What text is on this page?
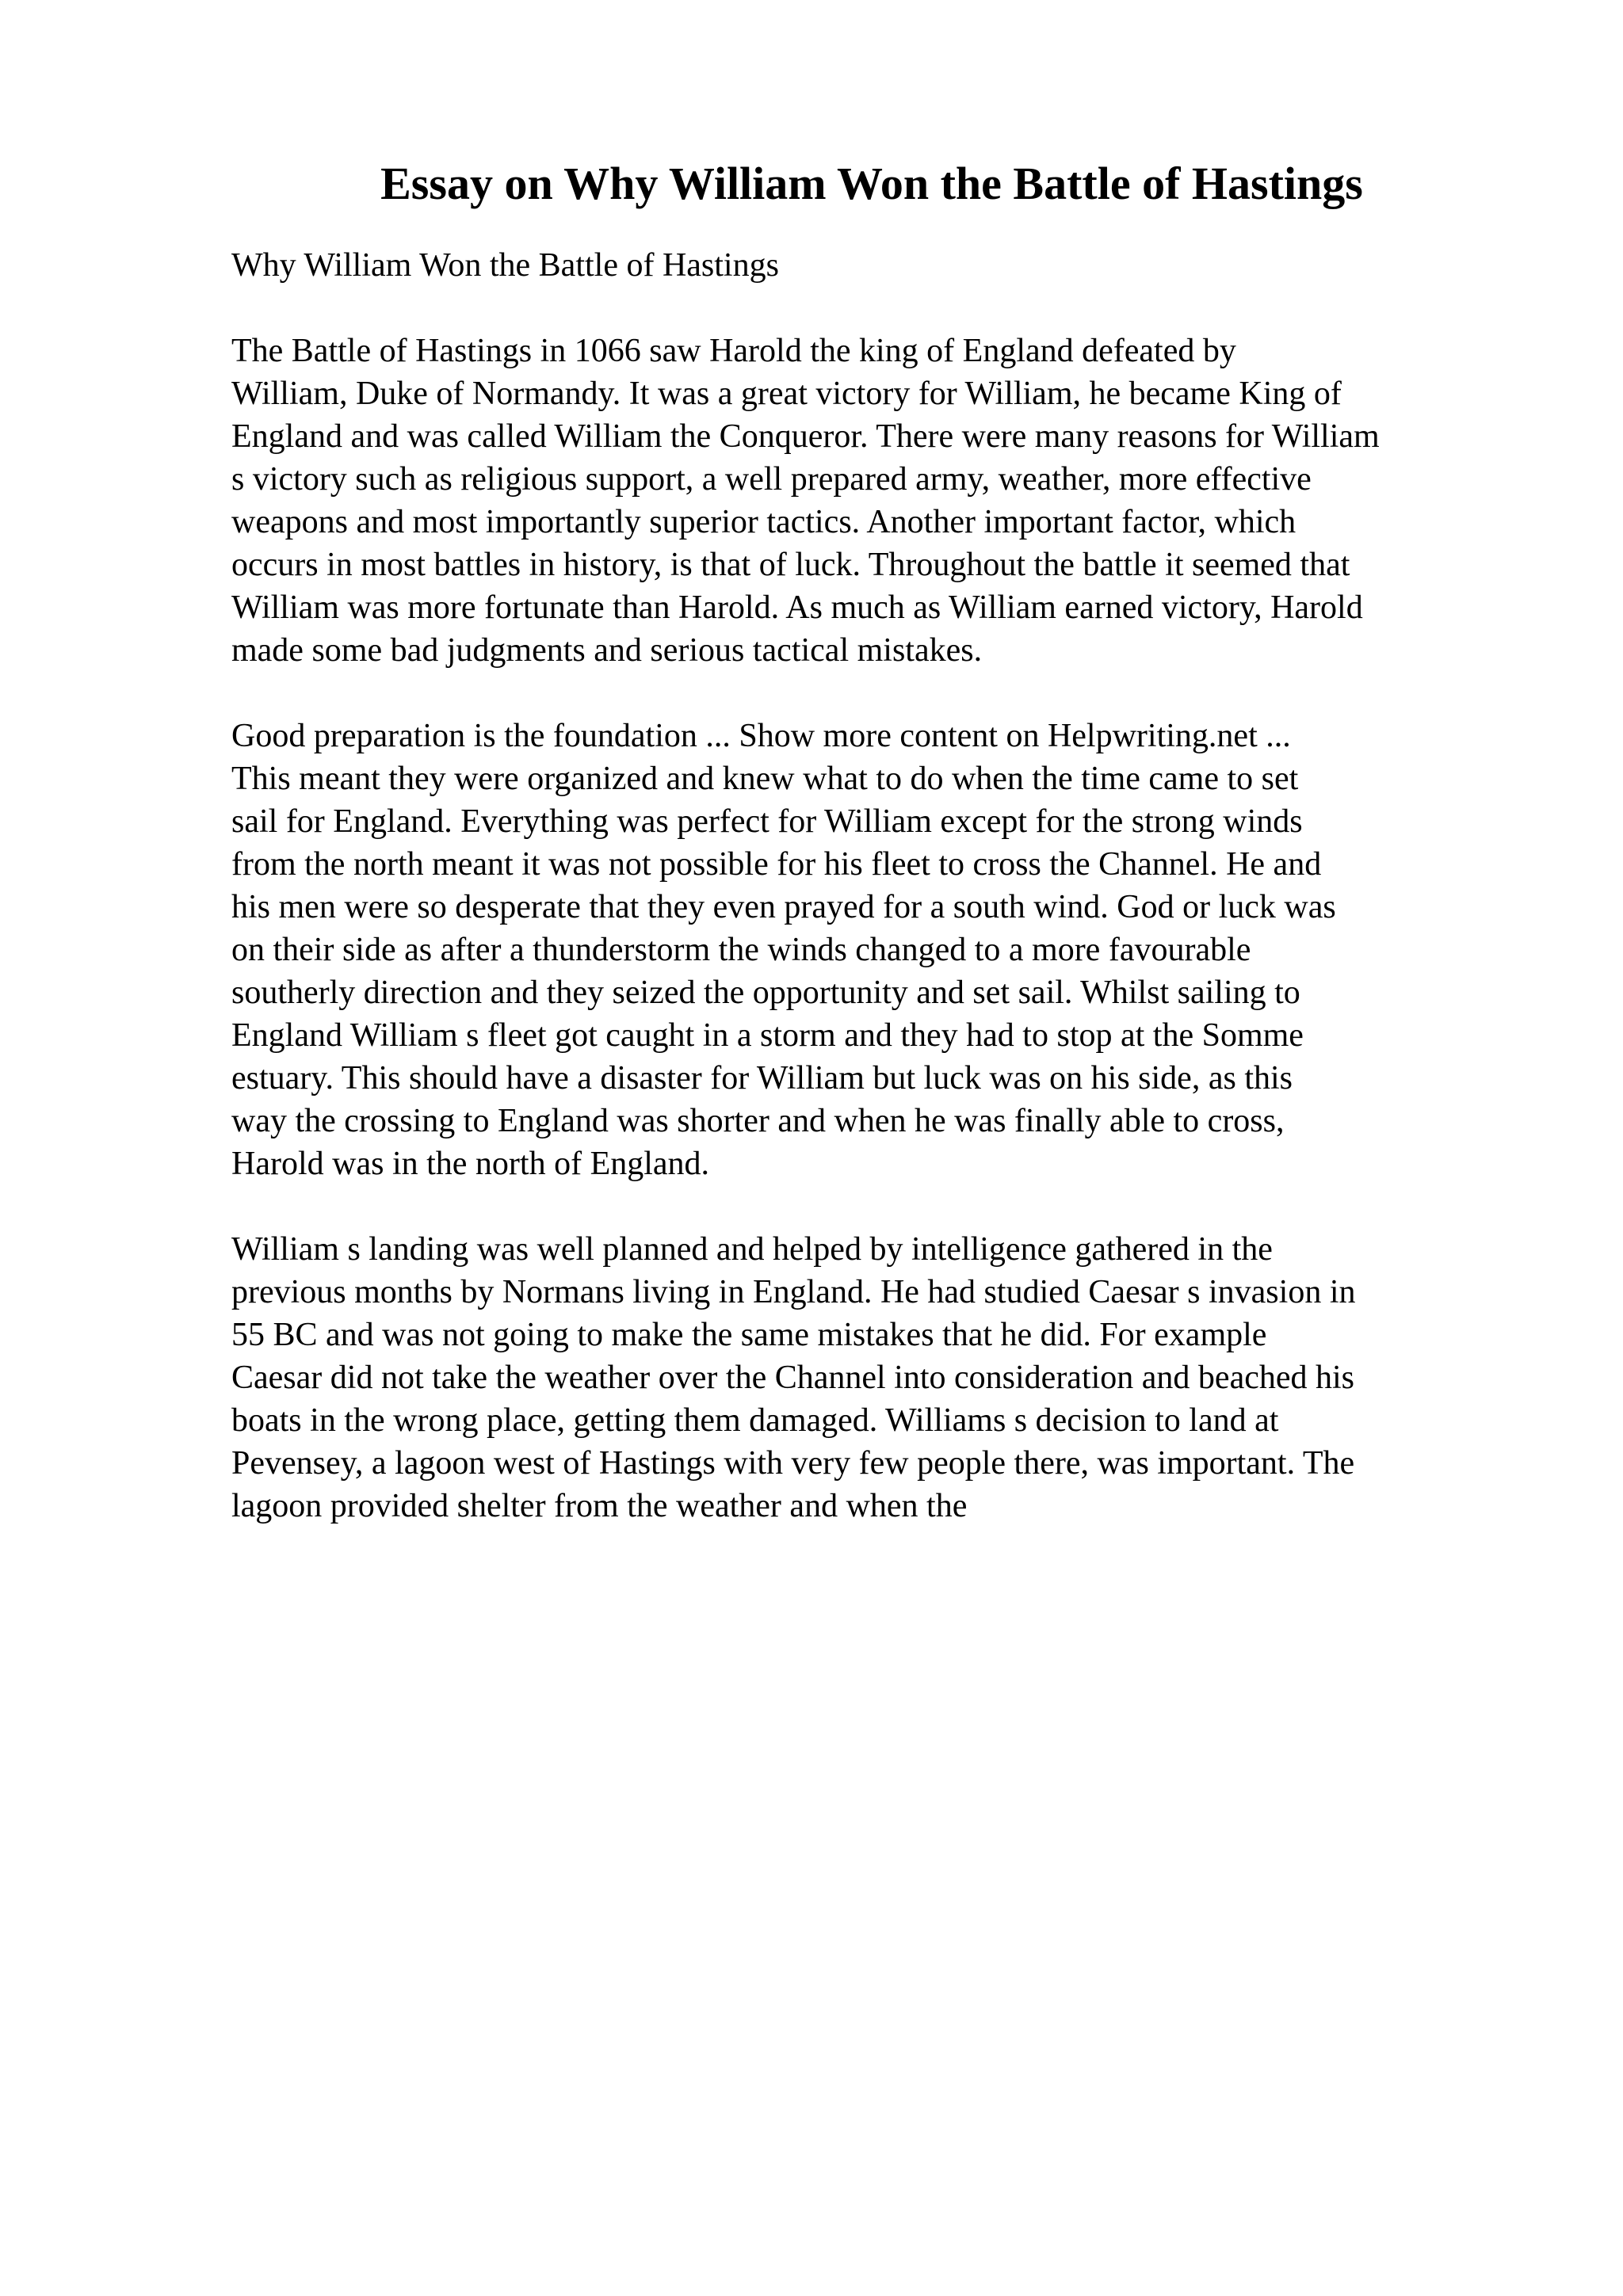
Essay on Why William Won the Battle of Hastings
Why William Won the Battle of Hastings
The Battle of Hastings in 1066 saw Harold the king of England defeated by
William, Duke of Normandy. It was a great victory for William, he became King of
England and was called William the Conqueror. There were many reasons for William
s victory such as religious support, a well prepared army, weather, more effective
weapons and most importantly superior tactics. Another important factor, which
occurs in most battles in history, is that of luck. Throughout the battle it seemed that
William was more fortunate than Harold. As much as William earned victory, Harold
made some bad judgments and serious tactical mistakes.
Good preparation is the foundation ... Show more content on Helpwriting.net ...
This meant they were organized and knew what to do when the time came to set
sail for England. Everything was perfect for William except for the strong winds
from the north meant it was not possible for his fleet to cross the Channel. He and
his men were so desperate that they even prayed for a south wind. God or luck was
on their side as after a thunderstorm the winds changed to a more favourable
southerly direction and they seized the opportunity and set sail. Whilst sailing to
England William s fleet got caught in a storm and they had to stop at the Somme
estuary. This should have a disaster for William but luck was on his side, as this
way the crossing to England was shorter and when he was finally able to cross,
Harold was in the north of England.
William s landing was well planned and helped by intelligence gathered in the
previous months by Normans living in England. He had studied Caesar s invasion in
55 BC and was not going to make the same mistakes that he did. For example
Caesar did not take the weather over the Channel into consideration and beached his
boats in the wrong place, getting them damaged. Williams s decision to land at
Pevensey, a lagoon west of Hastings with very few people there, was important. The
lagoon provided shelter from the weather and when the
